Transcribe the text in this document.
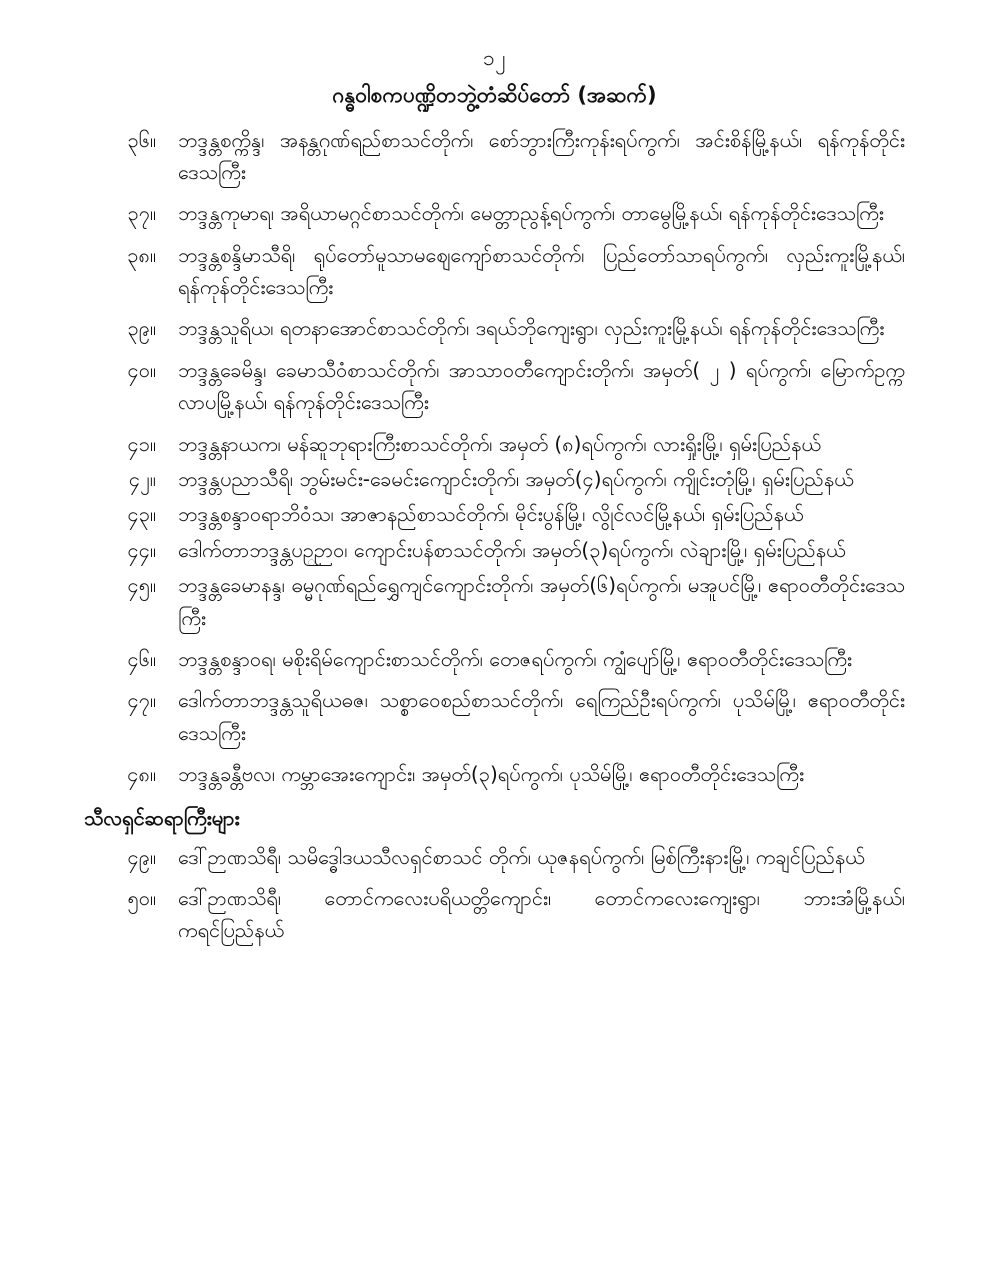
၁၂
ဂန္ဓဝါစကပဏ္ဍိတဘွဲ့တံဆိပ်တော် (အဆက်)
၃၆။	ဘဒ္ဒန္တစက္ကိန္ဒ၊ အနန္တဂုဏ်ရည်စာသင်တိုက်၊ စော်ဘွားကြီးကုန်းရပ်ကွက်၊ အင်းစိန်မြို့နယ်၊ ရန်ကုန်တိုင်းဒေသကြီး
၃၇။	ဘဒ္ဒန္တကုမာရ၊ အရိယာမဂ္ဂင်စာသင်တိုက်၊ မေတ္တာညွန့်ရပ်ကွက်၊ တာမွေမြို့နယ်၊ ရန်ကုန်တိုင်းဒေသကြီး
၃၈။	ဘဒ္ဒန္တစန္ဒိမာသီရိ၊ ရုပ်တော်မူသာမဈေ‌ကျော်စာသင်တိုက်၊ ပြည်တော်သာရပ်ကွက်၊ လှည်းကူးမြို့နယ်၊ ရန်ကုန်တိုင်းဒေသကြီး
၃၉။	ဘဒ္ဒန္တသူရိယ၊ ရတနာအောင်စာသင်တိုက်၊ ဒရယ်ဘိုကျေးရွာ၊ လှည်းကူးမြို့နယ်၊ ရန်ကုန်တိုင်းဒေသကြီး
၄၀။	ဘဒ္ဒန္တခေမိန္ဒ၊ ခေမာသီဝံစာသင်တိုက်၊ အာသာဝတီကျောင်းတိုက်၊ အမှတ်( ၂ ) ရပ်ကွက်၊ မြောက်ဥက္ကလာပမြို့နယ်၊ ရန်ကုန်တိုင်းဒေသကြီး
၄၁။	ဘဒ္ဒန္တနာယက၊ မန်ဆူဘုရားကြီးစာသင်တိုက်၊ အမှတ် (၈)ရပ်ကွက်၊ လားရှိုးမြို့၊ ရှမ်းပြည်နယ်
၄၂။	ဘဒ္ဒန္တပညာသီရိ၊ ဘွမ်းမင်း-ခေမင်းကျောင်းတိုက်၊ အမှတ်(၄)ရပ်ကွက်၊ ကျိုင်းတုံမြို့၊ ရှမ်းပြည်နယ်
၄၃။	ဘဒ္ဒန္တစန္ဒာဝရာဘိဝံသ၊ အာဇာနည်စာသင်တိုက်၊ မိုင်းပွန်မြို့၊ လွိုင်လင်မြို့နယ်၊ ရှမ်းပြည်နယ်
၄၄။	ဒေါက်တာဘဒ္ဒန္တပဉ္ဉာဝ၊ ကျောင်းပန်စာသင်တိုက်၊ အမှတ်(၃)ရပ်ကွက်၊ လဲချားမြို့၊ ရှမ်းပြည်နယ်
၄၅။	ဘဒ္ဒန္တခေမာနန္ဒ၊ ဓမ္မဂုဏ်ရည်ရွှေကျင်ကျောင်းတိုက်၊ အမှတ်(၆)ရပ်ကွက်၊ မအူပင်မြို့၊ ဧရာဝတီတိုင်းဒေသကြီး
၄၆။	ဘဒ္ဒန္တစန္ဒာဝရ၊ မစိုးရိမ်ကျောင်းစာသင်တိုက်၊ တေဇရပ်ကွက်၊ ကျွံပျော်မြို့၊ ဧရာဝတီတိုင်းဒေသကြီး
၄၇။	ဒေါက်တာဘဒ္ဒန္တသူရိယဓဇ၊ သစ္စာဝေစည်စာသင်တိုက်၊ ရေကြည်ဦးရပ်ကွက်၊ ပုသိမ်မြို့၊ ဧရာဝတီတိုင်းဒေသကြီး
၄၈။	ဘဒ္ဒန္တခန္တီဗလ၊ ကမ္ဘာအေးကျောင်း၊ အမှတ်(၃)ရပ်ကွက်၊ ပုသိမ်မြို့၊ ဧရာဝတီတိုင်းဒေသကြီး
သီလရှင်ဆရာကြီးများ
၄၉။	ဒေါ်ဉာဏသိရီ၊ သမိဒ္ဓေါဒယသီလရှင်စာသင် တိုက်၊ ယုဇနရပ်ကွက်၊ မြစ်ကြီးနား‌မြို့၊ ကချင်ပြည်နယ်
၅၀။	ဒေါ်ဉာဏသိရီ၊ တောင်ကလေးပရိယတ္တိကျောင်း၊ တောင်ကလေးကျေးရွာ၊ ဘားအံမြို့နယ်၊ ကရင်ပြည်နယ်
